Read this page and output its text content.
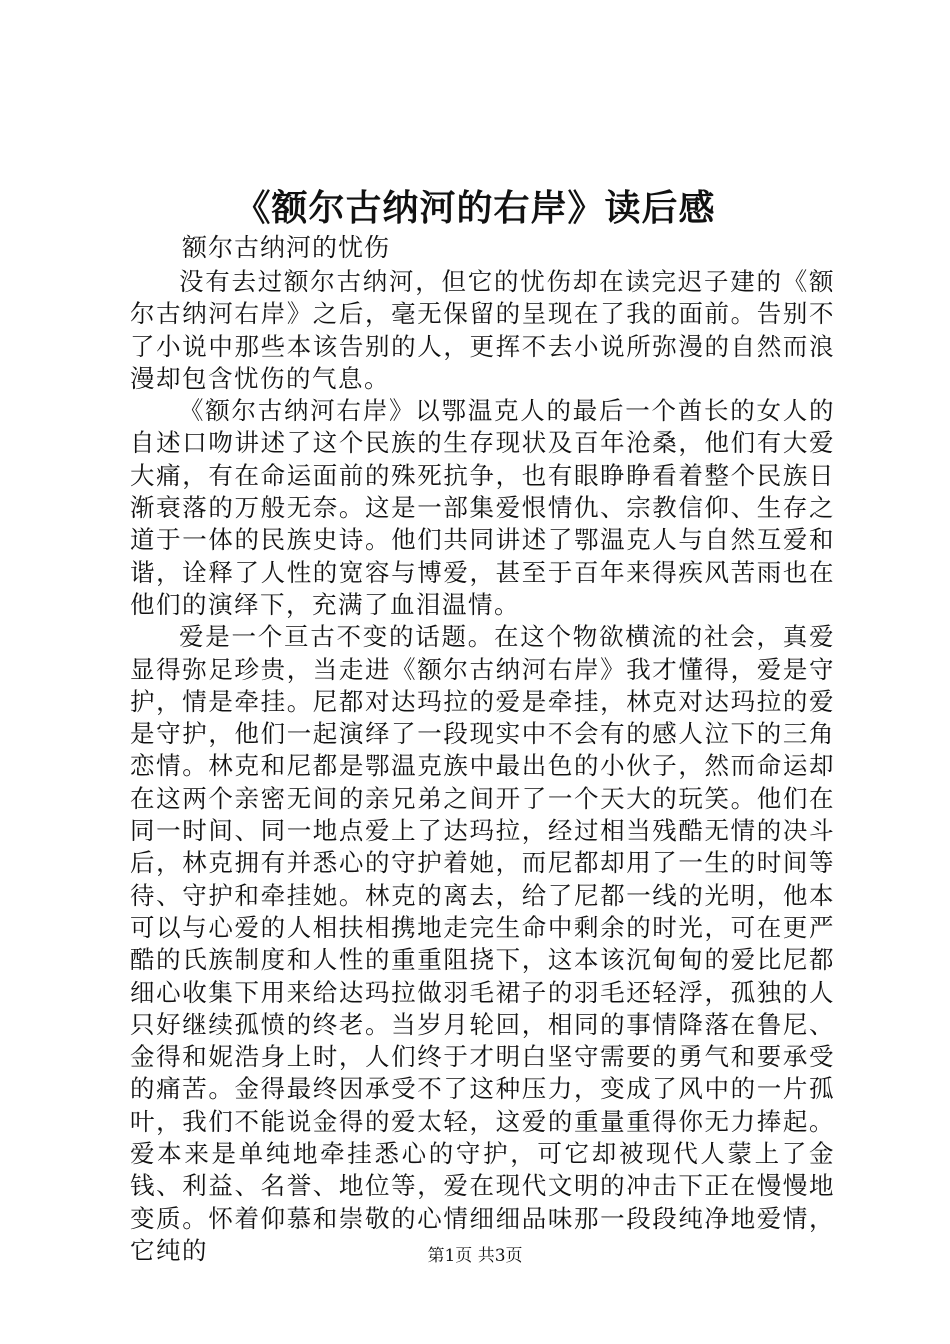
《额尔古纳河的右岸》读后感
额尔古纳河的忧伤

没有去过额尔古纳河，但它的忧伤却在读完迟子建的《额尔古纳河右岸》之后，毫无保留的呈现在了我的面前。告别不了小说中那些本该告别的人，更挥不去小说所弥漫的自然而浪漫却包含忧伤的气息。

《额尔古纳河右岸》以鄂温克人的最后一个酋长的女人的自述口吻讲述了这个民族的生存现状及百年沧桑，他们有大爱大痛，有在命运面前的殊死抗争，也有眼睁睁看着整个民族日渐衰落的万般无奈。这是一部集爱恨情仇、宗教信仰、生存之道于一体的民族史诗。他们共同讲述了鄂温克人与自然互爱和谐，诠释了人性的宽容与博爱，甚至于百年来得疾风苦雨也在他们的演绎下，充满了血泪温情。

爱是一个亘古不变的话题。在这个物欲横流的社会，真爱显得弥足珍贵，当走进《额尔古纳河右岸》我才懂得，爱是守护，情是牵挂。尼都对达玛拉的爱是牵挂，林克对达玛拉的爱是守护，他们一起演绎了一段现实中不会有的感人泣下的三角恋情。林克和尼都是鄂温克族中最出色的小伙子，然而命运却在这两个亲密无间的亲兄弟之间开了一个天大的玩笑。他们在同一时间、同一地点爱上了达玛拉，经过相当残酷无情的决斗后，林克拥有并悉心的守护着她，而尼都却用了一生的时间等待、守护和牵挂她。林克的离去，给了尼都一线的光明，他本可以与心爱的人相扶相携地走完生命中剩余的时光，可在更严酷的氏族制度和人性的重重阻挠下，这本该沉甸甸的爱比尼都细心收集下用来给达玛拉做羽毛裙子的羽毛还轻浮，孤独的人只好继续孤愤的终老。当岁月轮回，相同的事情降落在鲁尼、金得和妮浩身上时，人们终于才明白坚守需要的勇气和要承受的痛苦。金得最终因承受不了这种压力，变成了风中的一片孤叶，我们不能说金得的爱太轻，这爱的重量重得你无力捧起。爱本来是单纯地牵挂悉心的守护，可它却被现代人蒙上了金钱、利益、名誉、地位等，爱在现代文明的冲击下正在慢慢地变质。怀着仰慕和崇敬的心情细细品味那一段段纯净地爱情，它纯的	第1页 共3页
